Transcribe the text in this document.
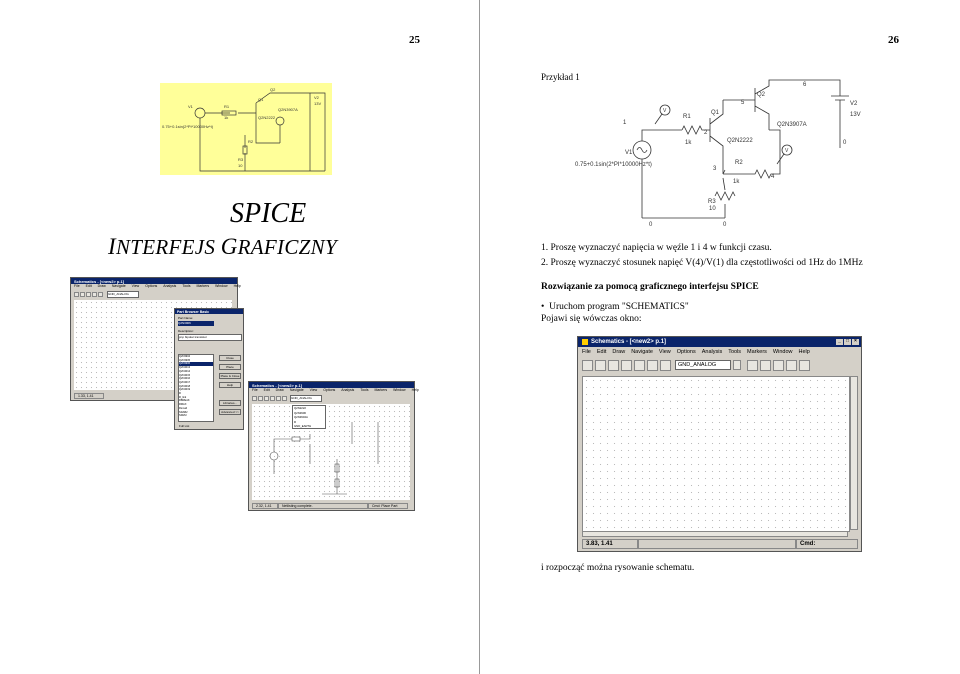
25	26
V1	R1
Q1
Q2
R2
R3
V2
1k
10
13V
Q2N2222
Q2N3907A
0.75+0.1sin(2*Pi*10000Hz*t)
SPICE
INTERFEJS GRAFICZNY
Schematics - [<new2> p.1]
File Edit Draw Navigate View Options Analysis Tools Markers Window Help
GND_ANALOG
1.33, 1.41
Part Browser Basic
Part Name:
Q2N3906
Description:
pnp bipolar transistor
Q2N3904
Q2N3905
Q2N3906
Q2N4013
Q2N4014
Q2N4015
Q2N4016
Q2N4017
Q2N4018
Q2N4019
R
R_link
RBREAK
RMAX
Rsmall
SDAB2
SDMU
Close
Place
Place & Close
Help
Libraries...
Advanced >>
Full List
Schematics - [<new2> p.1]
File Edit Draw Navigate View Options Analysis Tools Markers Window Help
GND_ANALOG
Q2N2222
Q2N3906
Q2N3904A
R
GND_EARTH
2.32, 1.41	Netlisting complete.	Cmd: Place Part
Przykład 1
1
2
3
4
5
6
0
0	0
V1
0.75+0.1sin(2*PI*10000Hz*t)
R1
1k
R2
1k
R3
10
Q1
Q2N2222
Q2
Q2N3907A
V2
13V
V
V
1. Proszę wyznaczyć napięcia w węźle 1 i 4 w funkcji czasu.
2. Proszę wyznaczyć stosunek napięć V(4)/V(1) dla częstotliwości od 1Hz do 1MHz
Rozwiązanie za pomocą graficznego interfejsu SPICE
• Uruchom program "SCHEMATICS"
Pojawi się wówczas okno:
Schematics - [<new2> p.1]	_	□	×
File Edit Draw Navigate View Options Analysis Tools Markers Window Help
GND_ANALOG
3.83, 1.41	Cmd:
i rozpocząć można rysowanie schematu.
